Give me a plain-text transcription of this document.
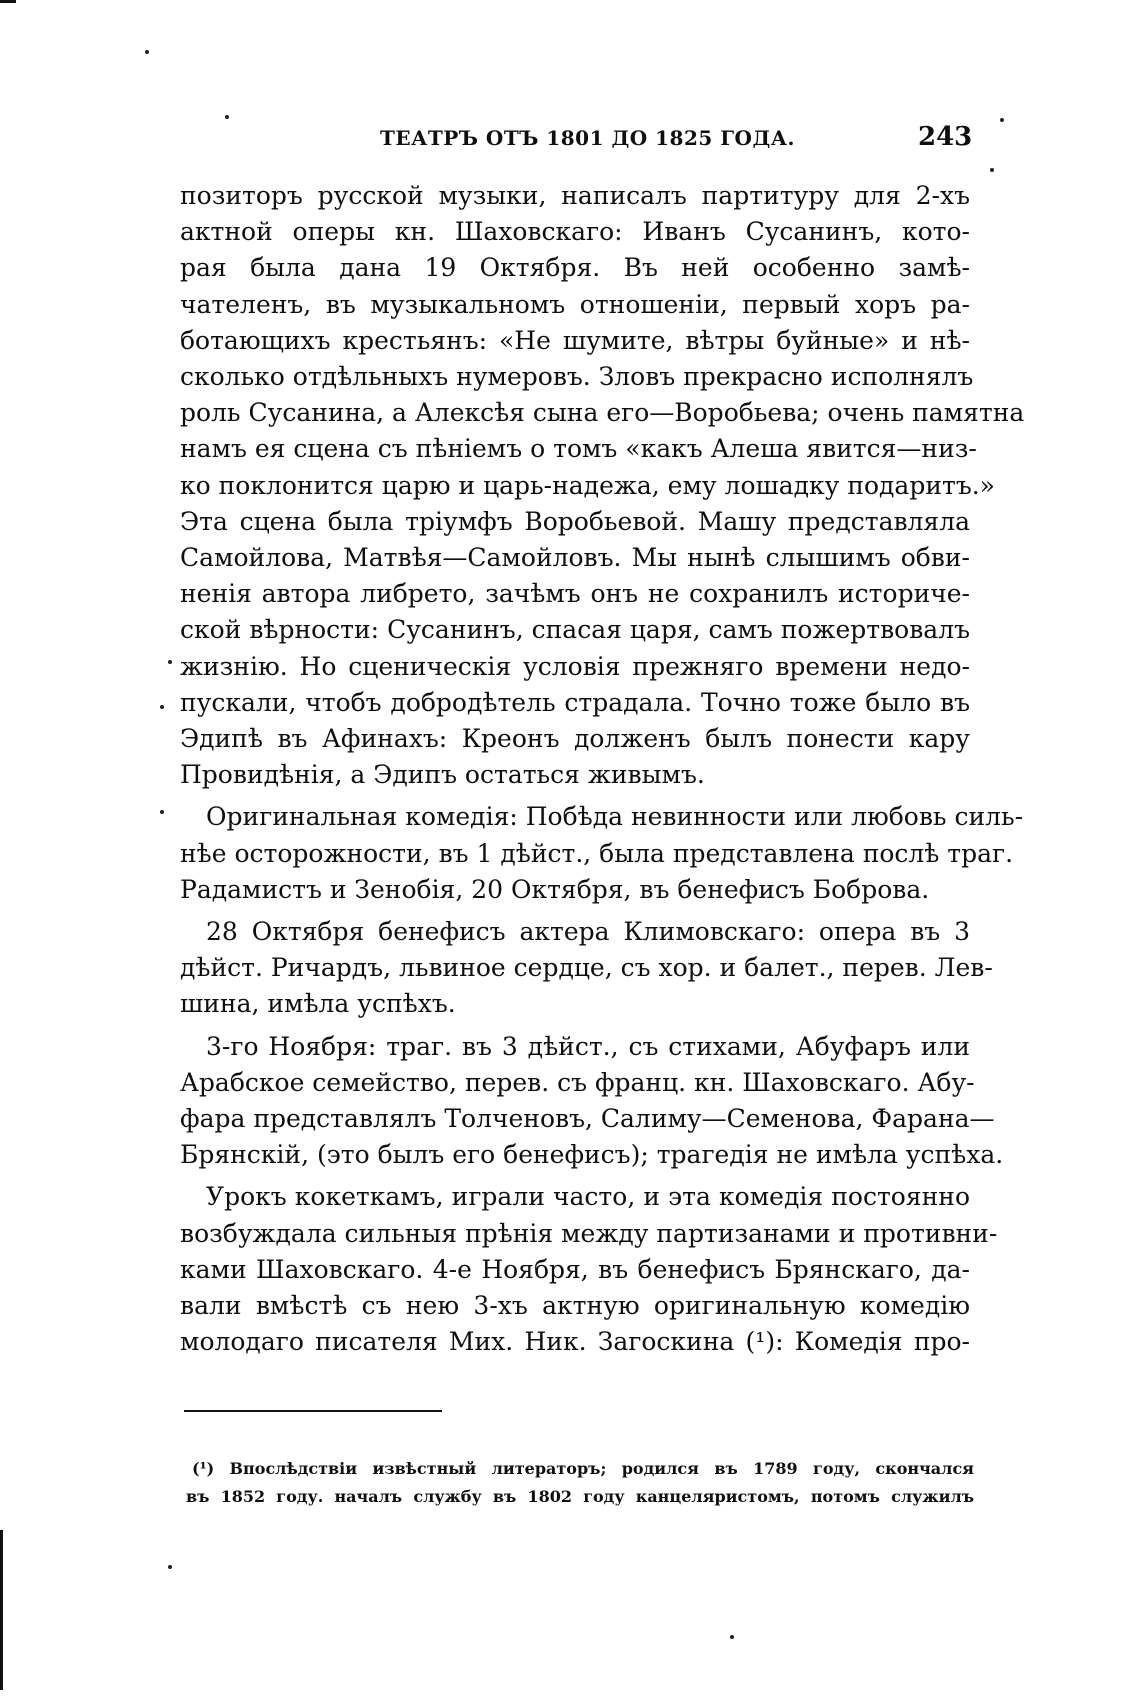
ТЕАТРЪ ОТЪ 1801 ДО 1825 ГОДА.	243

позиторъ русской музыки, написалъ партитуру для 2-хъ

актной оперы кн. Шаховскаго: Иванъ Сусанинъ, кото-

рая была дана 19 Октября. Въ ней особенно замѣ-

чателенъ, въ музыкальномъ отношеніи, первый хоръ ра-

ботающихъ крестьянъ: «Не шумите, вѣтры буйные» и нѣ-

сколько отдѣльныхъ нумеровъ. Зловъ прекрасно исполнялъ

роль Сусанина, а Алексѣя сына его—Воробьева; очень памятна

намъ ея сцена съ пѣніемъ о томъ «какъ Алеша явится—низ-

ко поклонится царю и царь-надежа, ему лошадку подаритъ.»

Эта сцена была тріумфъ Воробьевой. Машу представляла

Самойлова, Матвѣя—Самойловъ. Мы нынѣ слышимъ обви-

ненія автора либрето, зачѣмъ онъ не сохранилъ историче-

ской вѣрности: Сусанинъ, спасая царя, самъ пожертвовалъ

жизнію. Но сценическія условія прежняго времени недо-

пускали, чтобъ добродѣтель страдала. Точно тоже было въ

Эдипѣ въ Афинахъ: Креонъ долженъ былъ понести кару

Провидѣнія, а Эдипъ остаться живымъ.

Оригинальная комедія: Побѣда невинности или любовь силь-

нѣе осторожности, въ 1 дѣйст., была представлена послѣ траг.

Радамистъ и Зенобія, 20 Октября, въ бенефисъ Боброва.

28 Октября бенефисъ актера Климовскаго: опера въ 3

дѣйст. Ричардъ, львиное сердце, съ хор. и балет., перев. Лев-

шина, имѣла успѣхъ.

3-го Ноября: траг. въ 3 дѣйст., съ стихами, Абуфаръ или

Арабское семейство, перев. съ франц. кн. Шаховскаго. Абу-

фара представлялъ Толченовъ, Салиму—Семенова, Фарана—

Брянскій, (это былъ его бенефисъ); трагедія не имѣла успѣха.

Урокъ кокеткамъ, играли часто, и эта комедія постоянно

возбуждала сильныя прѣнія между партизанами и противни-

ками Шаховскаго. 4-е Ноября, въ бенефисъ Брянскаго, да-

вали вмѣстѣ съ нею 3-хъ актную оригинальную комедію

молодаго писателя Мих. Ник. Загоскина (¹): Комедія про-

(¹) Впослѣдствіи извѣстный литераторъ; родился въ 1789 году, скончался

въ 1852 году. началъ службу въ 1802 году канцеляристомъ, потомъ служилъ
